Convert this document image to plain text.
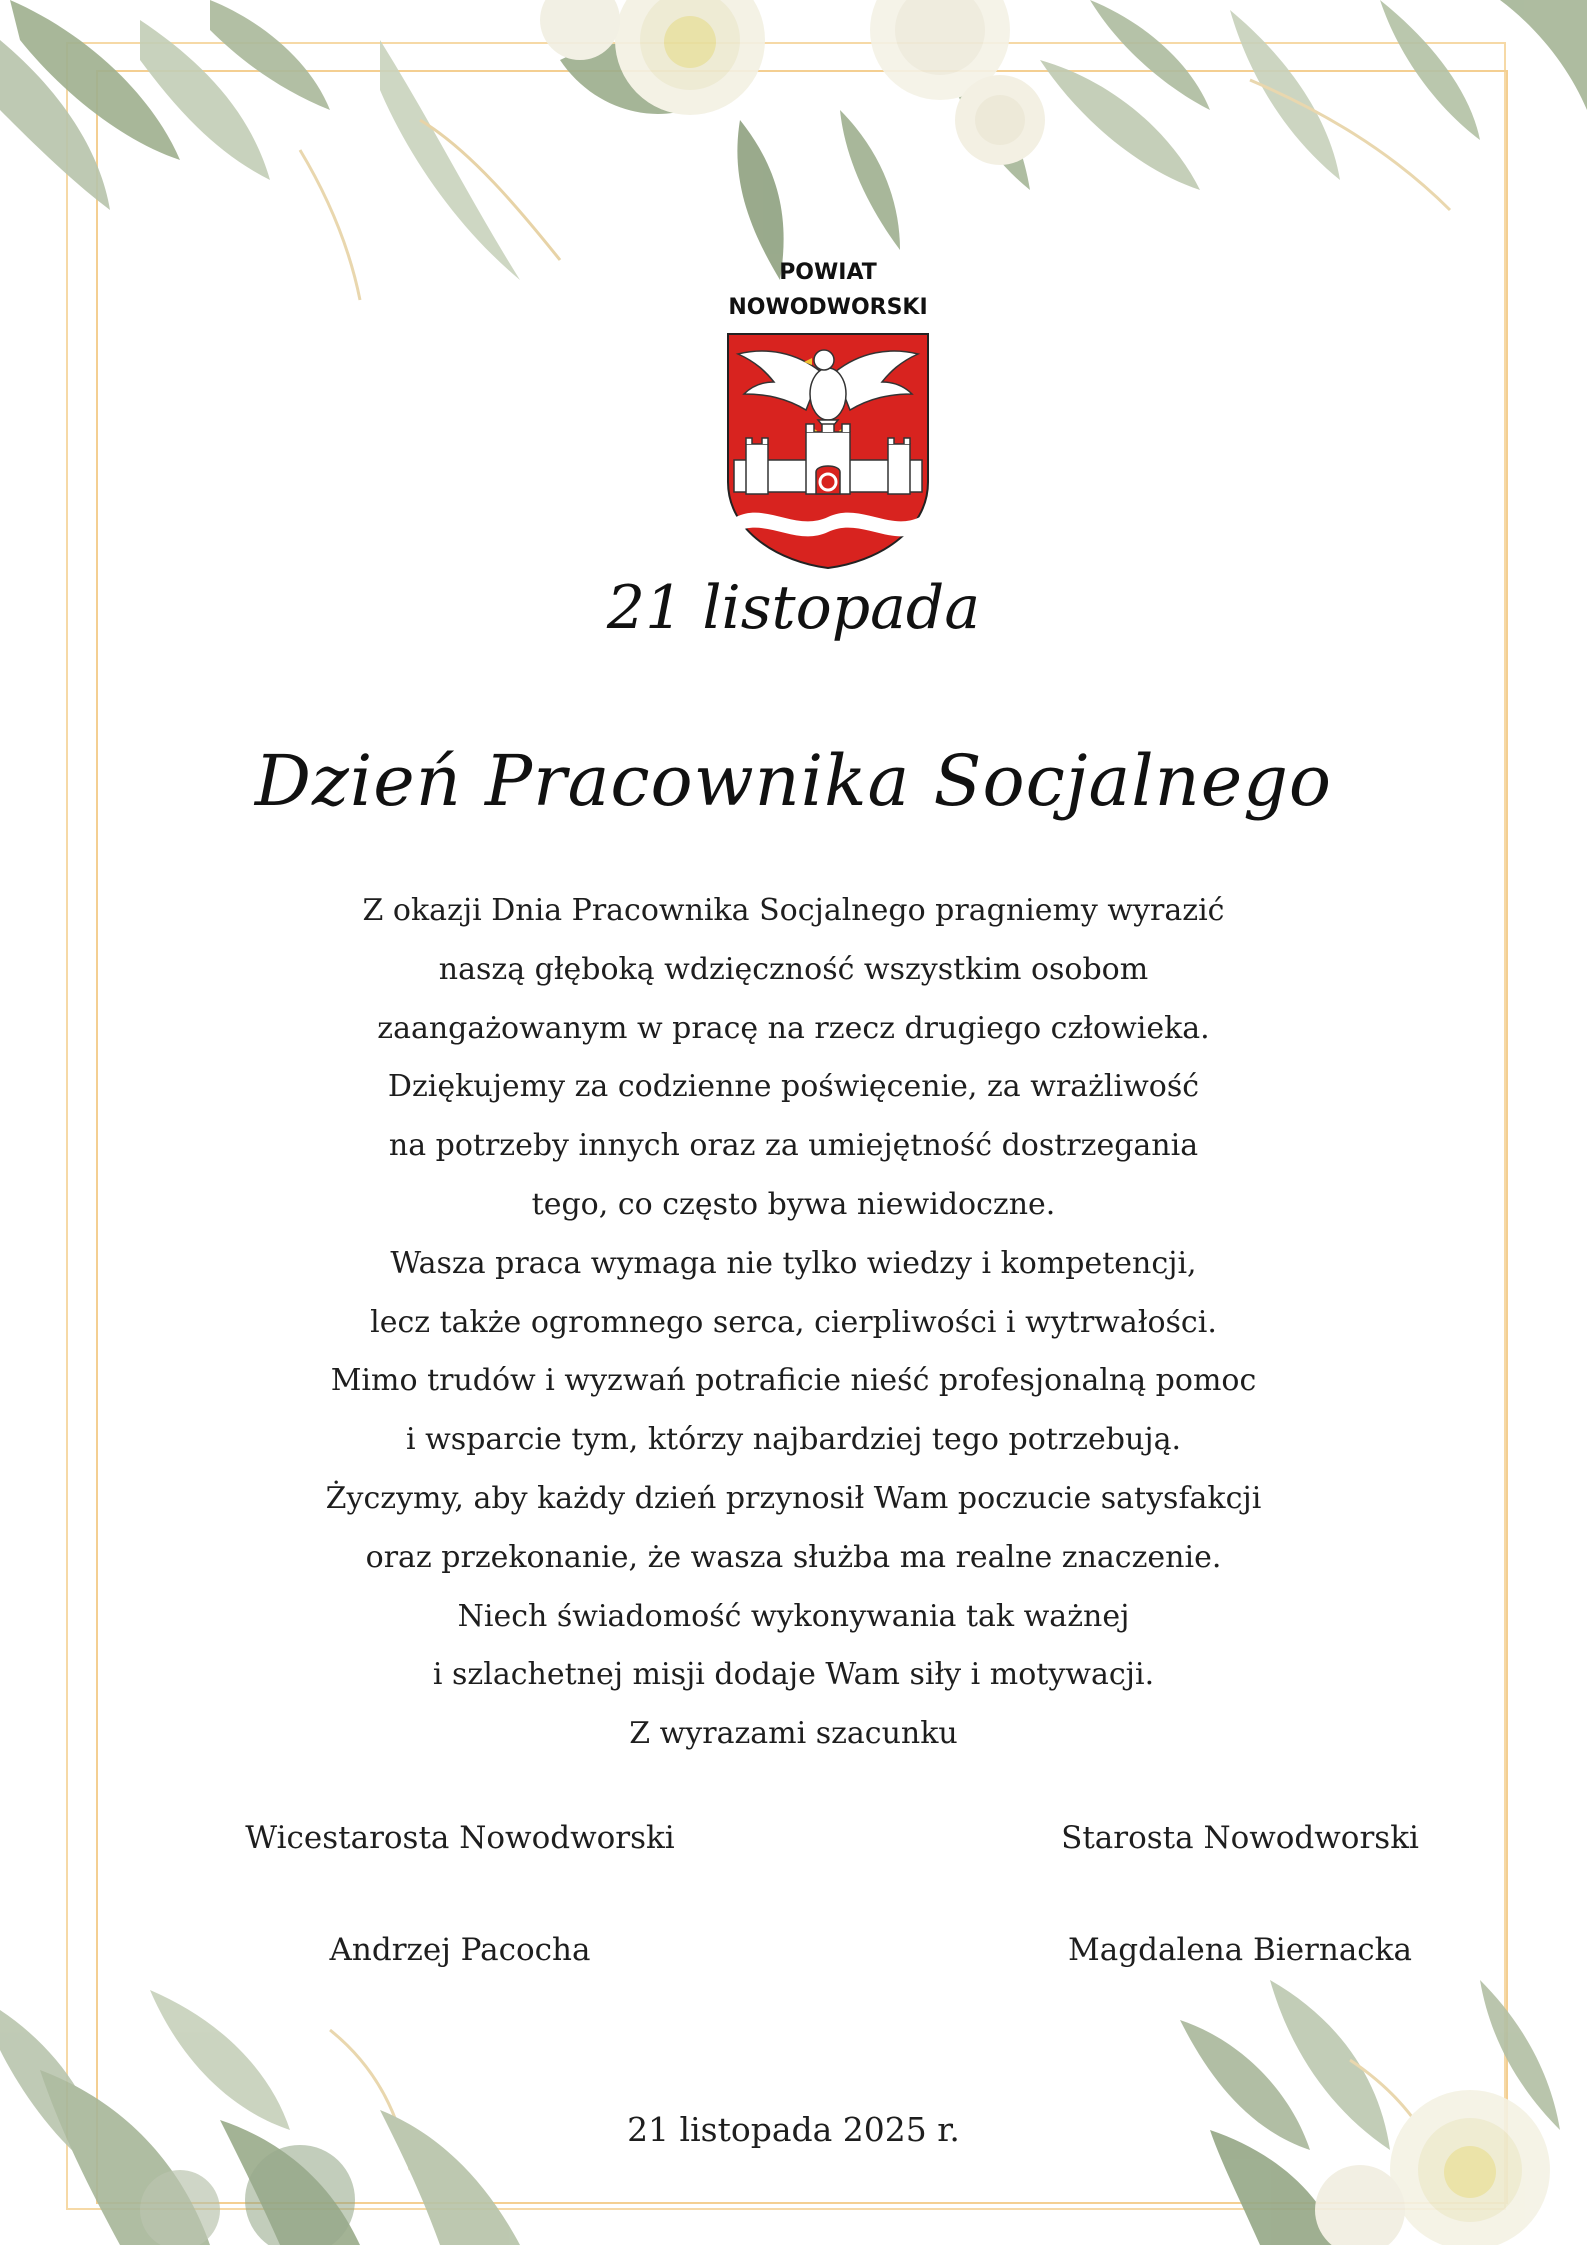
POWIAT
NOWODWORSKI
21 listopada
Dzień Pracownika Socjalnego
Z okazji Dnia Pracownika Socjalnego pragniemy wyrazić
naszą głęboką wdzięczność wszystkim osobom
zaangażowanym w pracę na rzecz drugiego człowieka.
Dziękujemy za codzienne poświęcenie, za wrażliwość
na potrzeby innych oraz za umiejętność dostrzegania
tego, co często bywa niewidoczne.
Wasza praca wymaga nie tylko wiedzy i kompetencji,
lecz także ogromnego serca, cierpliwości i wytrwałości.
Mimo trudów i wyzwań potraficie nieść profesjonalną pomoc
i wsparcie tym, którzy najbardziej tego potrzebują.
Życzymy, aby każdy dzień przynosił Wam poczucie satysfakcji
oraz przekonanie, że wasza służba ma realne znaczenie.
Niech świadomość wykonywania tak ważnej
i szlachetnej misji dodaje Wam siły i motywacji.
Z wyrazami szacunku
Wicestarosta Nowodworski
Andrzej Pacocha
Starosta Nowodworski
Magdalena Biernacka
21 listopada 2025 r.
